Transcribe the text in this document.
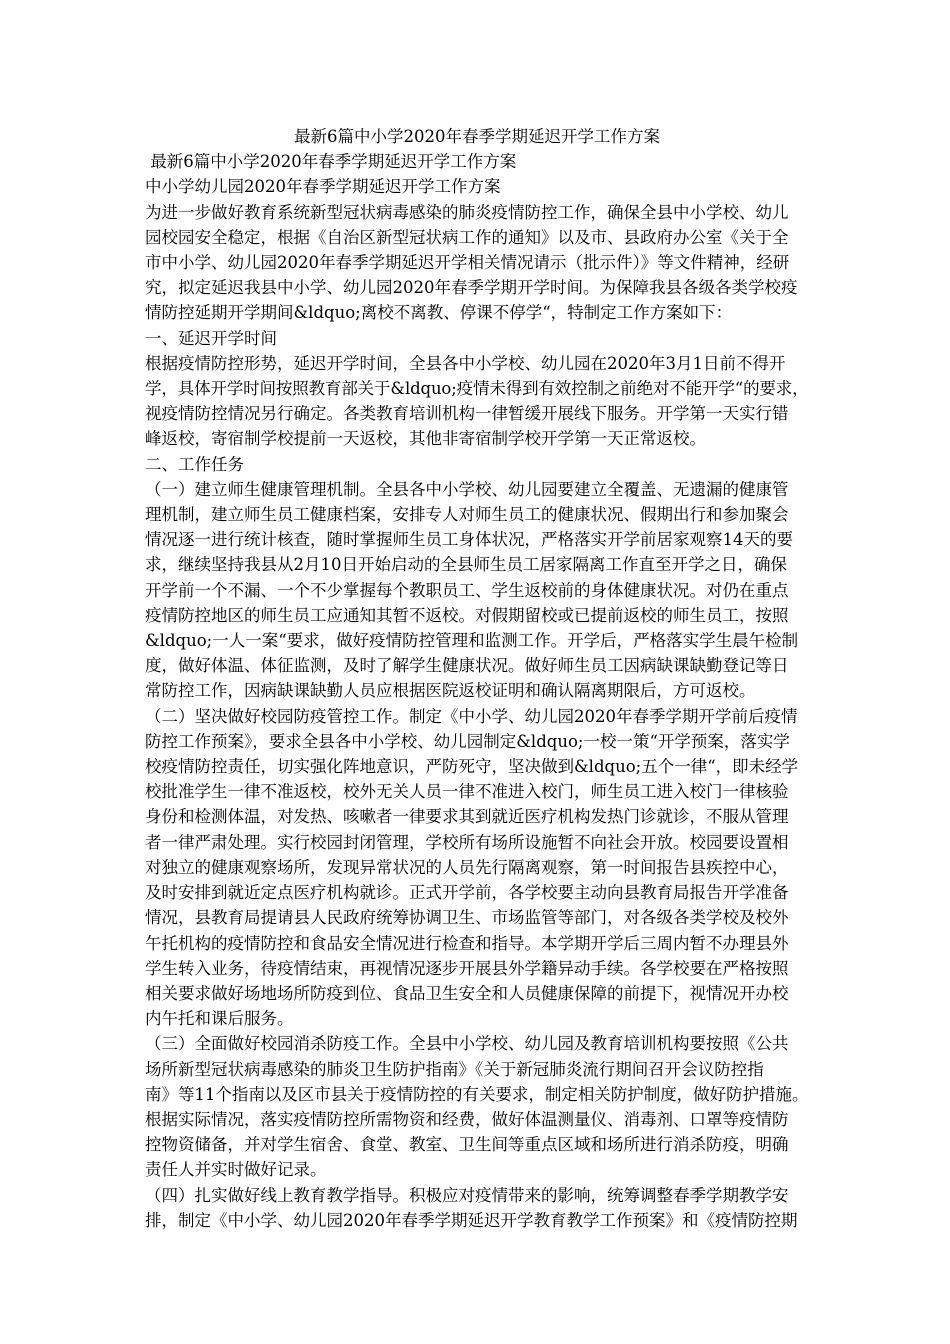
最新6篇中小学2020年春季学期延迟开学工作方案
最新6篇中小学2020年春季学期延迟开学工作方案
中小学幼儿园2020年春季学期延迟开学工作方案
为进一步做好教育系统新型冠状病毒感染的肺炎疫情防控工作，确保全县中小学校、幼儿
园校园安全稳定，根据《自治区新型冠状病工作的通知》以及市、县政府办公室《关于全
市中小学、幼儿园2020年春季学期延迟开学相关情况请示（批示件）》等文件精神，经研
究，拟定延迟我县中小学、幼儿园2020年春季学期开学时间。为保障我县各级各类学校疫
情防控延期开学期间&ldquo;离校不离教、停课不停学“，特制定工作方案如下：
一、延迟开学时间
根据疫情防控形势，延迟开学时间，全县各中小学校、幼儿园在2020年3月1日前不得开
学，具体开学时间按照教育部关于&ldquo;疫情未得到有效控制之前绝对不能开学“的要求，
视疫情防控情况另行确定。各类教育培训机构一律暂缓开展线下服务。开学第一天实行错
峰返校，寄宿制学校提前一天返校，其他非寄宿制学校开学第一天正常返校。
二、工作任务
（一）建立师生健康管理机制。全县各中小学校、幼儿园要建立全覆盖、无遗漏的健康管
理机制，建立师生员工健康档案，安排专人对师生员工的健康状况、假期出行和参加聚会
情况逐一进行统计核查，随时掌握师生员工身体状况，严格落实开学前居家观察14天的要
求，继续坚持我县从2月10日开始启动的全县师生员工居家隔离工作直至开学之日，确保
开学前一个不漏、一个不少掌握每个教职员工、学生返校前的身体健康状况。对仍在重点
疫情防控地区的师生员工应通知其暂不返校。对假期留校或已提前返校的师生员工，按照
&ldquo;一人一案“要求，做好疫情防控管理和监测工作。开学后，严格落实学生晨午检制
度，做好体温、体征监测，及时了解学生健康状况。做好师生员工因病缺课缺勤登记等日
常防控工作，因病缺课缺勤人员应根据医院返校证明和确认隔离期限后，方可返校。
（二）坚决做好校园防疫管控工作。制定《中小学、幼儿园2020年春季学期开学前后疫情
防控工作预案》，要求全县各中小学校、幼儿园制定&ldquo;一校一策“开学预案，落实学
校疫情防控责任，切实强化阵地意识，严防死守，坚决做到&ldquo;五个一律“，即未经学
校批准学生一律不准返校，校外无关人员一律不准进入校门，师生员工进入校门一律核验
身份和检测体温，对发热、咳嗽者一律要求其到就近医疗机构发热门诊就诊，不服从管理
者一律严肃处理。实行校园封闭管理，学校所有场所设施暂不向社会开放。校园要设置相
对独立的健康观察场所，发现异常状况的人员先行隔离观察，第一时间报告县疾控中心，
及时安排到就近定点医疗机构就诊。正式开学前，各学校要主动向县教育局报告开学准备
情况，县教育局提请县人民政府统筹协调卫生、市场监管等部门，对各级各类学校及校外
午托机构的疫情防控和食品安全情况进行检查和指导。本学期开学后三周内暂不办理县外
学生转入业务，待疫情结束，再视情况逐步开展县外学籍异动手续。各学校要在严格按照
相关要求做好场地场所防疫到位、食品卫生安全和人员健康保障的前提下，视情况开办校
内午托和课后服务。
（三）全面做好校园消杀防疫工作。全县中小学校、幼儿园及教育培训机构要按照《公共
场所新型冠状病毒感染的肺炎卫生防护指南》《关于新冠肺炎流行期间召开会议防控指
南》等11个指南以及区市县关于疫情防控的有关要求，制定相关防护制度，做好防护措施。
根据实际情况，落实疫情防控所需物资和经费，做好体温测量仪、消毒剂、口罩等疫情防
控物资储备，并对学生宿舍、食堂、教室、卫生间等重点区域和场所进行消杀防疫，明确
责任人并实时做好记录。
（四）扎实做好线上教育教学指导。积极应对疫情带来的影响，统筹调整春季学期教学安
排，制定《中小学、幼儿园2020年春季学期延迟开学教育教学工作预案》和《疫情防控期
